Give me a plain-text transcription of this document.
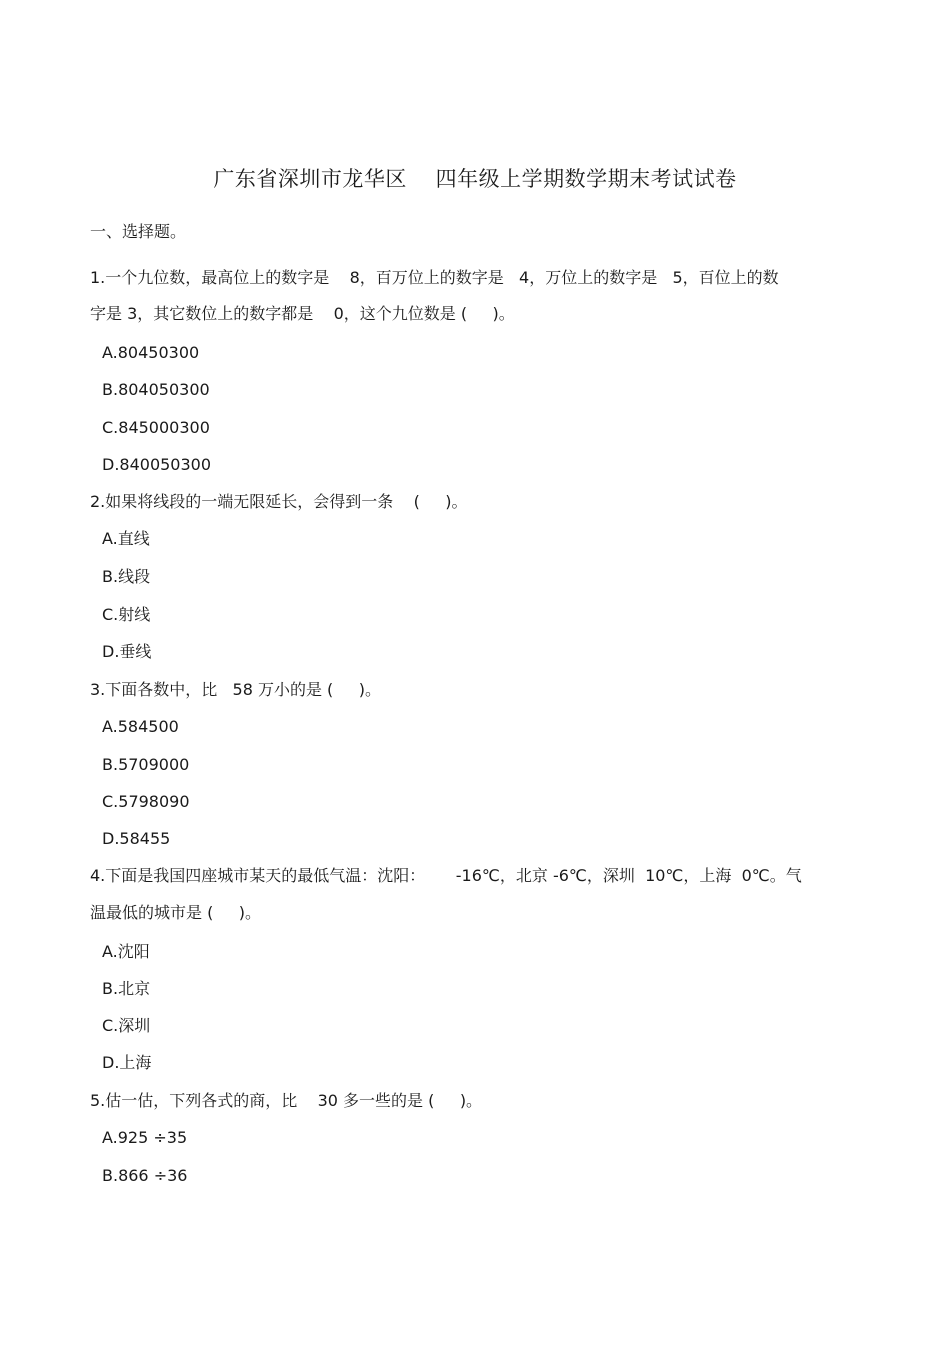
广东省深圳市龙华区    四年级上学期数学期末考试试卷
一、选择题。
1.一个九位数，最高位上的数字是    8，百万位上的数字是   4，万位上的数字是   5，百位上的数
字是 3，其它数位上的数字都是    0，这个九位数是 (     )。
A.80450300
B.804050300
C.845000300
D.840050300
2.如果将线段的一端无限延长，会得到一条    (     )。
A.直线
B.线段
C.射线
D.垂线
3.下面各数中，比   58 万小的是 (     )。
A.584500
B.5709000
C.5798090
D.58455
4.下面是我国四座城市某天的最低气温：沈阳：      -16℃，北京 -6℃，深圳  10℃，上海  0℃。气
温最低的城市是 (     )。
A.沈阳
B.北京
C.深圳
D.上海
5.估一估，下列各式的商，比    30 多一些的是 (     )。
A.925 ÷35
B.866 ÷36
